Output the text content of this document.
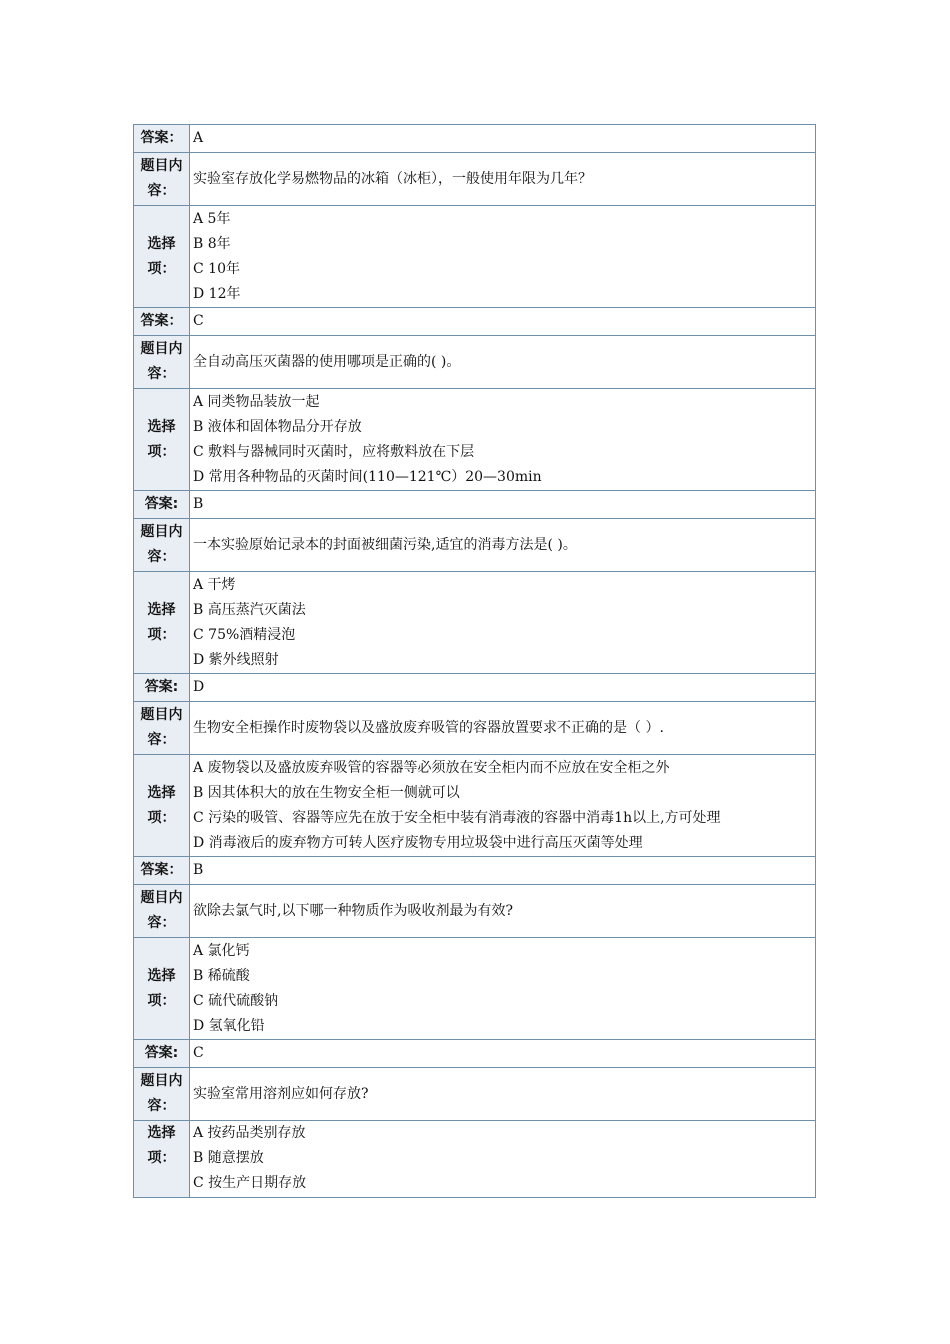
答案：	A
题目内容：	实验室存放化学易燃物品的冰箱（冰柜），一般使用年限为几年？
选择项：	A 5年
B 8年
C 10年
D 12年

答案：	C
题目内容：	全自动高压灭菌器的使用哪项是正确的( )。
选择项：	A 同类物品装放一起
B 液体和固体物品分开存放
C 敷料与器械同时灭菌时，应将敷料放在下层
D 常用各种物品的灭菌时间(110—121℃）20—30min

答案:	B
题目内容：	一本实验原始记录本的封面被细菌污染,适宜的消毒方法是( )。
选择项：	A 干烤
B 高压蒸汽灭菌法
C 75%酒精浸泡
D 紫外线照射

答案:	D
题目内容：	生物安全柜操作时废物袋以及盛放废弃吸管的容器放置要求不正确的是（ ）.
选择项：	A 废物袋以及盛放废弃吸管的容器等必须放在安全柜内而不应放在安全柜之外
B 因其体积大的放在生物安全柜一侧就可以
C 污染的吸管、容器等应先在放于安全柜中装有消毒液的容器中消毒1h以上,方可处理
D 消毒液后的废弃物方可转人医疗废物专用垃圾袋中进行高压灭菌等处理

答案：	B
题目内容：	欲除去氯气时,以下哪一种物质作为吸收剂最为有效?
选择项：	A 氯化钙
B 稀硫酸
C 硫代硫酸钠
D 氢氧化铅

答案:	C
题目内容：	实验室常用溶剂应如何存放?
选择项：	A 按药品类别存放
B 随意摆放
C 按生产日期存放
